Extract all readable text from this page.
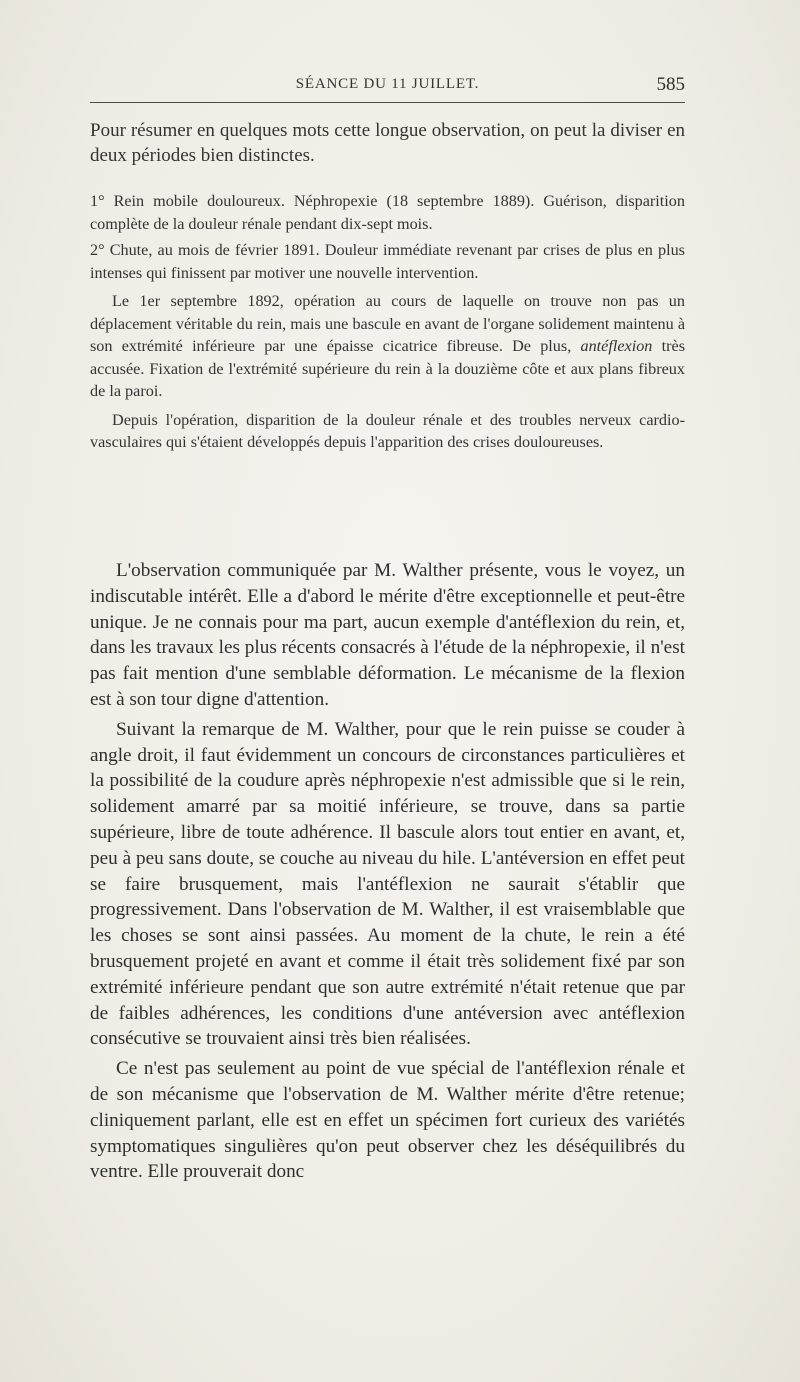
SÉANCE DU 11 JUILLET.	585

Pour résumer en quelques mots cette longue observation, on peut la diviser en deux périodes bien distinctes.

1° Rein mobile douloureux. Néphropexie (18 septembre 1889). Guérison, disparition complète de la douleur rénale pendant dix-sept mois.

2° Chute, au mois de février 1891. Douleur immédiate revenant par crises de plus en plus intenses qui finissent par motiver une nouvelle intervention.

Le 1er septembre 1892, opération au cours de laquelle on trouve non pas un déplacement véritable du rein, mais une bascule en avant de l'organe solidement maintenu à son extrémité inférieure par une épaisse cicatrice fibreuse. De plus, antéflexion très accusée. Fixation de l'extrémité supérieure du rein à la douzième côte et aux plans fibreux de la paroi.

Depuis l'opération, disparition de la douleur rénale et des troubles nerveux cardio-vasculaires qui s'étaient développés depuis l'apparition des crises douloureuses.

L'observation communiquée par M. Walther présente, vous le voyez, un indiscutable intérêt. Elle a d'abord le mérite d'être exceptionnelle et peut-être unique. Je ne connais pour ma part, aucun exemple d'antéflexion du rein, et, dans les travaux les plus récents consacrés à l'étude de la néphropexie, il n'est pas fait mention d'une semblable déformation. Le mécanisme de la flexion est à son tour digne d'attention.

Suivant la remarque de M. Walther, pour que le rein puisse se couder à angle droit, il faut évidemment un concours de circonstances particulières et la possibilité de la coudure après néphropexie n'est admissible que si le rein, solidement amarré par sa moitié inférieure, se trouve, dans sa partie supérieure, libre de toute adhérence. Il bascule alors tout entier en avant, et, peu à peu sans doute, se couche au niveau du hile. L'antéversion en effet peut se faire brusquement, mais l'antéflexion ne saurait s'établir que progressivement. Dans l'observation de M. Walther, il est vraisemblable que les choses se sont ainsi passées. Au moment de la chute, le rein a été brusquement projeté en avant et comme il était très solidement fixé par son extrémité inférieure pendant que son autre extrémité n'était retenue que par de faibles adhérences, les conditions d'une antéversion avec antéflexion consécutive se trouvaient ainsi très bien réalisées.

Ce n'est pas seulement au point de vue spécial de l'antéflexion rénale et de son mécanisme que l'observation de M. Walther mérite d'être retenue; cliniquement parlant, elle est en effet un spécimen fort curieux des variétés symptomatiques singulières qu'on peut observer chez les déséquilibrés du ventre. Elle prouverait donc
